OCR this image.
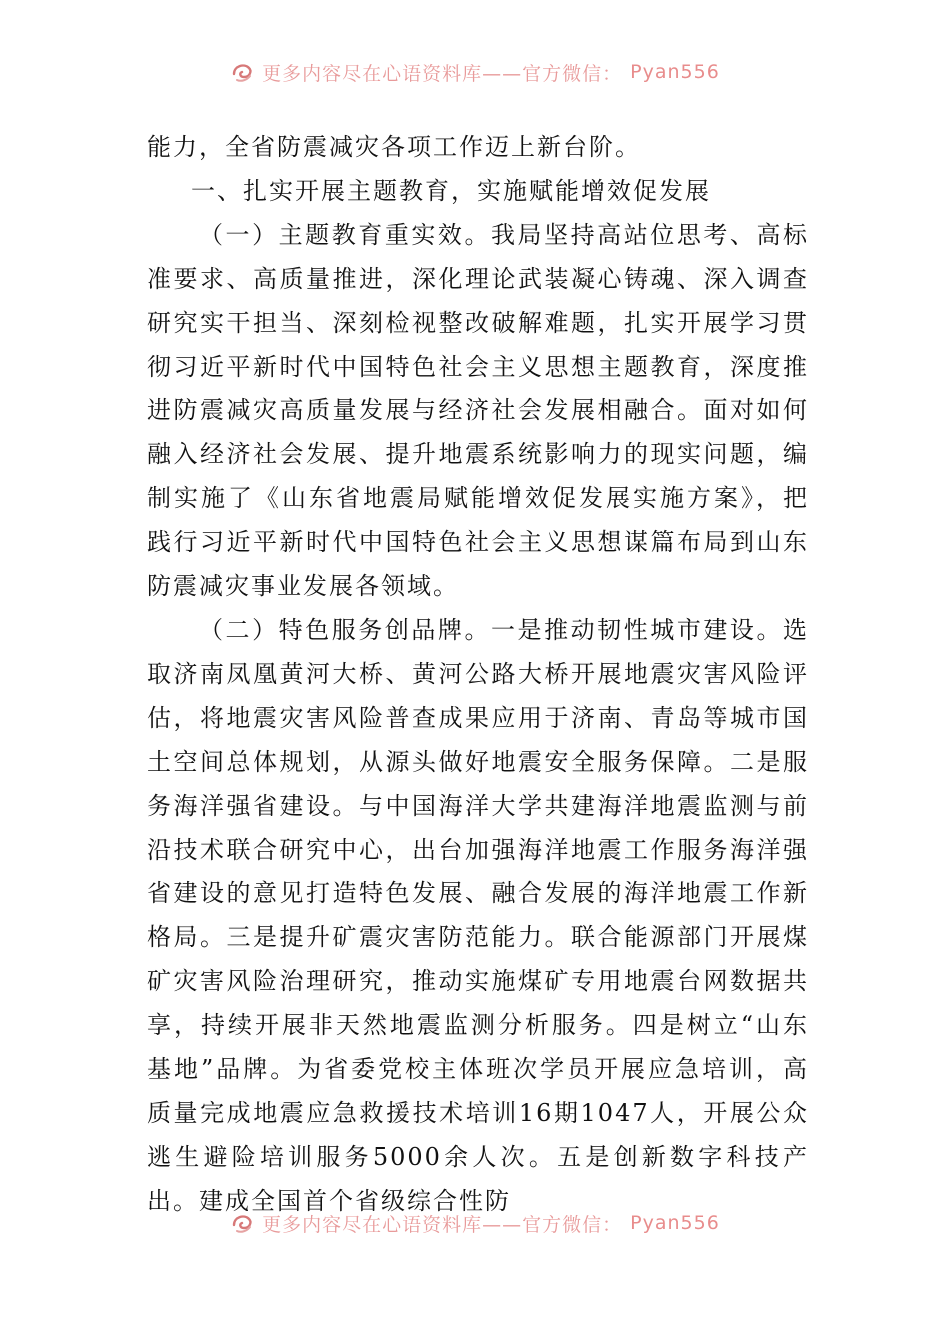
更多内容尽在心语资料库——官方微信： Pyan556

能力，全省防震减灾各项工作迈上新台阶。

一、扎实开展主题教育，实施赋能增效促发展

（一）主题教育重实效。我局坚持高站位思考、高标准要求、高质量推进，深化理论武装凝心铸魂、深入调查研究实干担当、深刻检视整改破解难题，扎实开展学习贯彻习近平新时代中国特色社会主义思想主题教育，深度推进防震减灾高质量发展与经济社会发展相融合。面对如何融入经济社会发展、提升地震系统影响力的现实问题，编制实施了《山东省地震局赋能增效促发展实施方案》，把践行习近平新时代中国特色社会主义思想谋篇布局到山东防震减灾事业发展各领域。

（二）特色服务创品牌。一是推动韧性城市建设。选取济南凤凰黄河大桥、黄河公路大桥开展地震灾害风险评估，将地震灾害风险普查成果应用于济南、青岛等城市国土空间总体规划，从源头做好地震安全服务保障。二是服务海洋强省建设。与中国海洋大学共建海洋地震监测与前沿技术联合研究中心，出台加强海洋地震工作服务海洋强省建设的意见打造特色发展、融合发展的海洋地震工作新格局。三是提升矿震灾害防范能力。联合能源部门开展煤矿灾害风险治理研究，推动实施煤矿专用地震台网数据共享，持续开展非天然地震监测分析服务。四是树立“山东基地”品牌。为省委党校主体班次学员开展应急培训，高质量完成地震应急救援技术培训16期1047人，开展公众逃生避险培训服务5000余人次。五是创新数字科技产出。建成全国首个省级综合性防

更多内容尽在心语资料库——官方微信： Pyan556
